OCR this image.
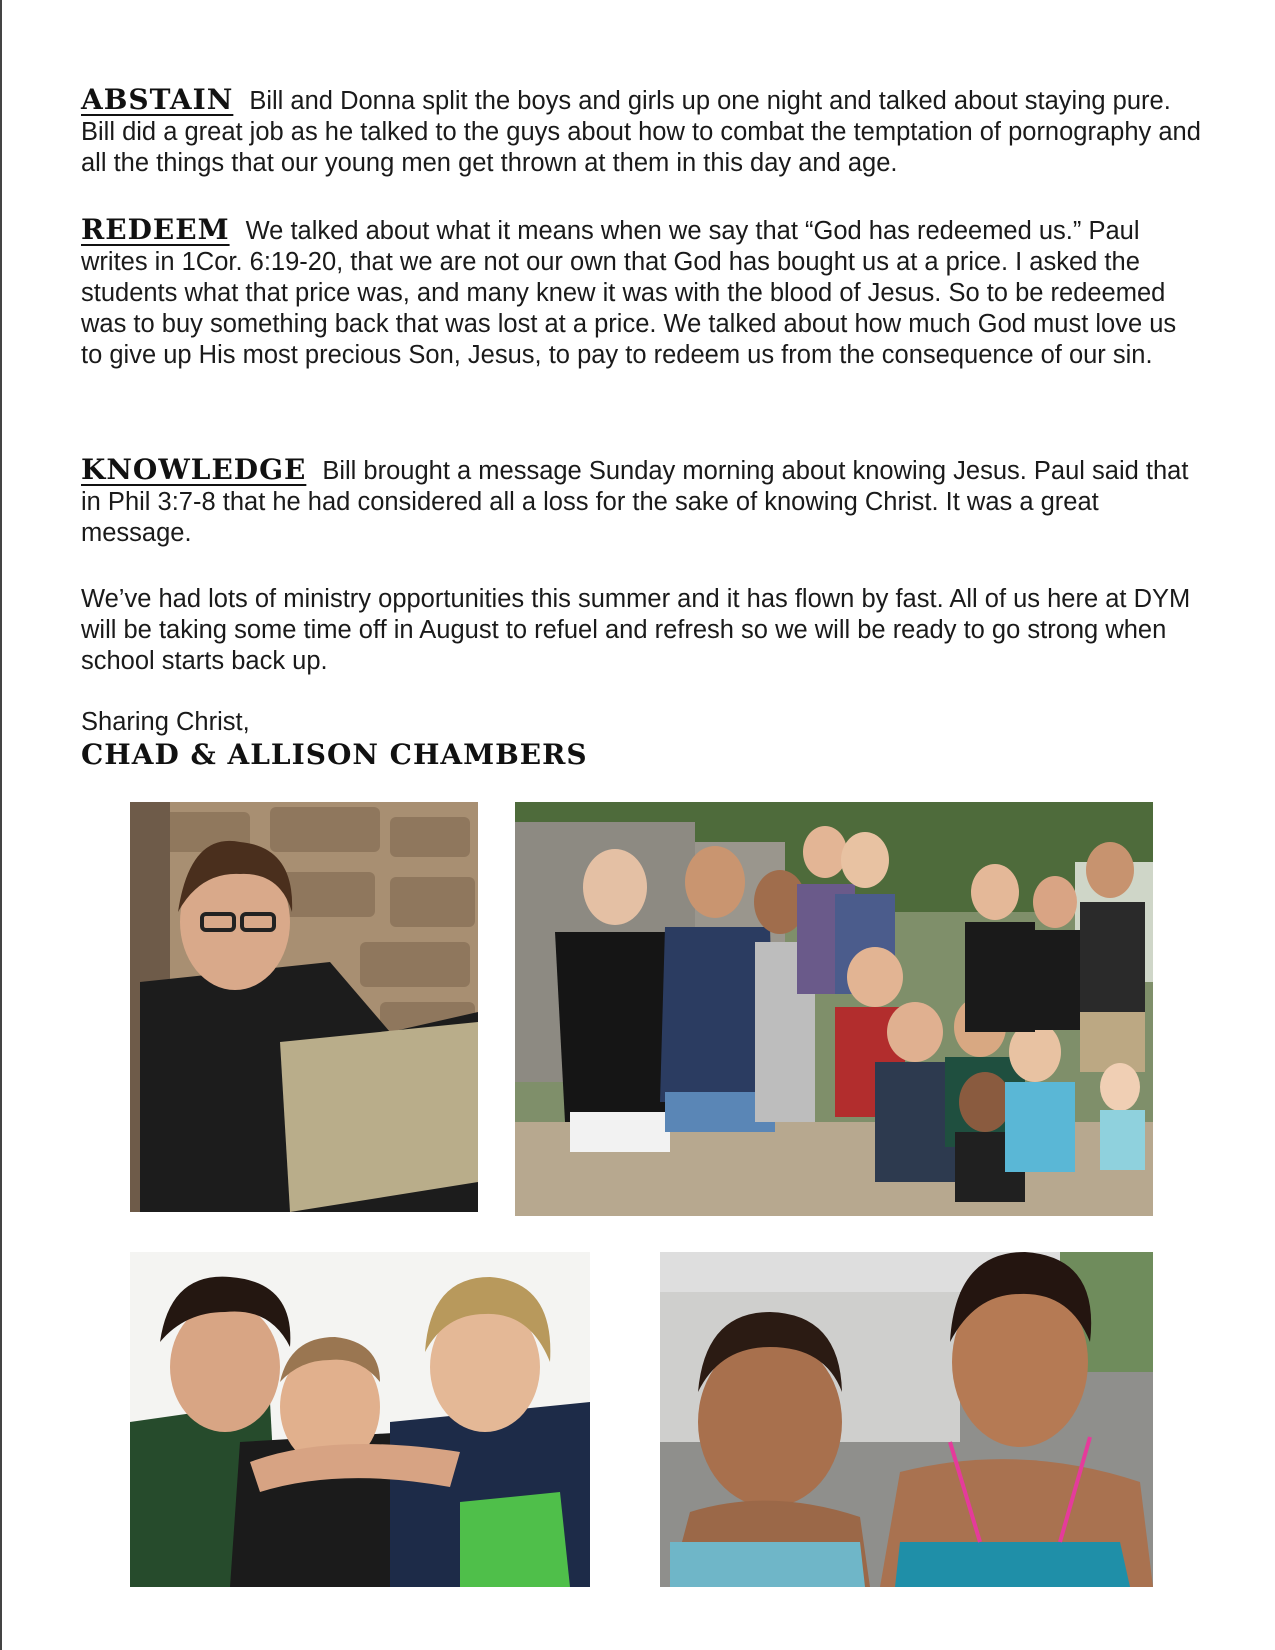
ABSTAIN Bill and Donna split the boys and girls up one night and talked about staying pure. Bill did a great job as he talked to the guys about how to combat the temptation of pornography and all the things that our young men get thrown at them in this day and age.

REDEEM We talked about what it means when we say that “God has redeemed us.” Paul writes in 1Cor. 6:19-20, that we are not our own that God has bought us at a price. I asked the students what that price was, and many knew it was with the blood of Jesus. So to be redeemed was to buy something back that was lost at a price. We talked about how much God must love us to give up His most precious Son, Jesus, to pay to redeem us from the consequence of our sin.

KNOWLEDGE Bill brought a message Sunday morning about knowing Jesus. Paul said that in Phil 3:7-8 that he had considered all a loss for the sake of knowing Christ. It was a great message.

We’ve had lots of ministry opportunities this summer and it has flown by fast. All of us here at DYM will be taking some time off in August to refuel and refresh so we will be ready to go strong when school starts back up.

Sharing Christ,

CHAD & ALLISON CHAMBERS
